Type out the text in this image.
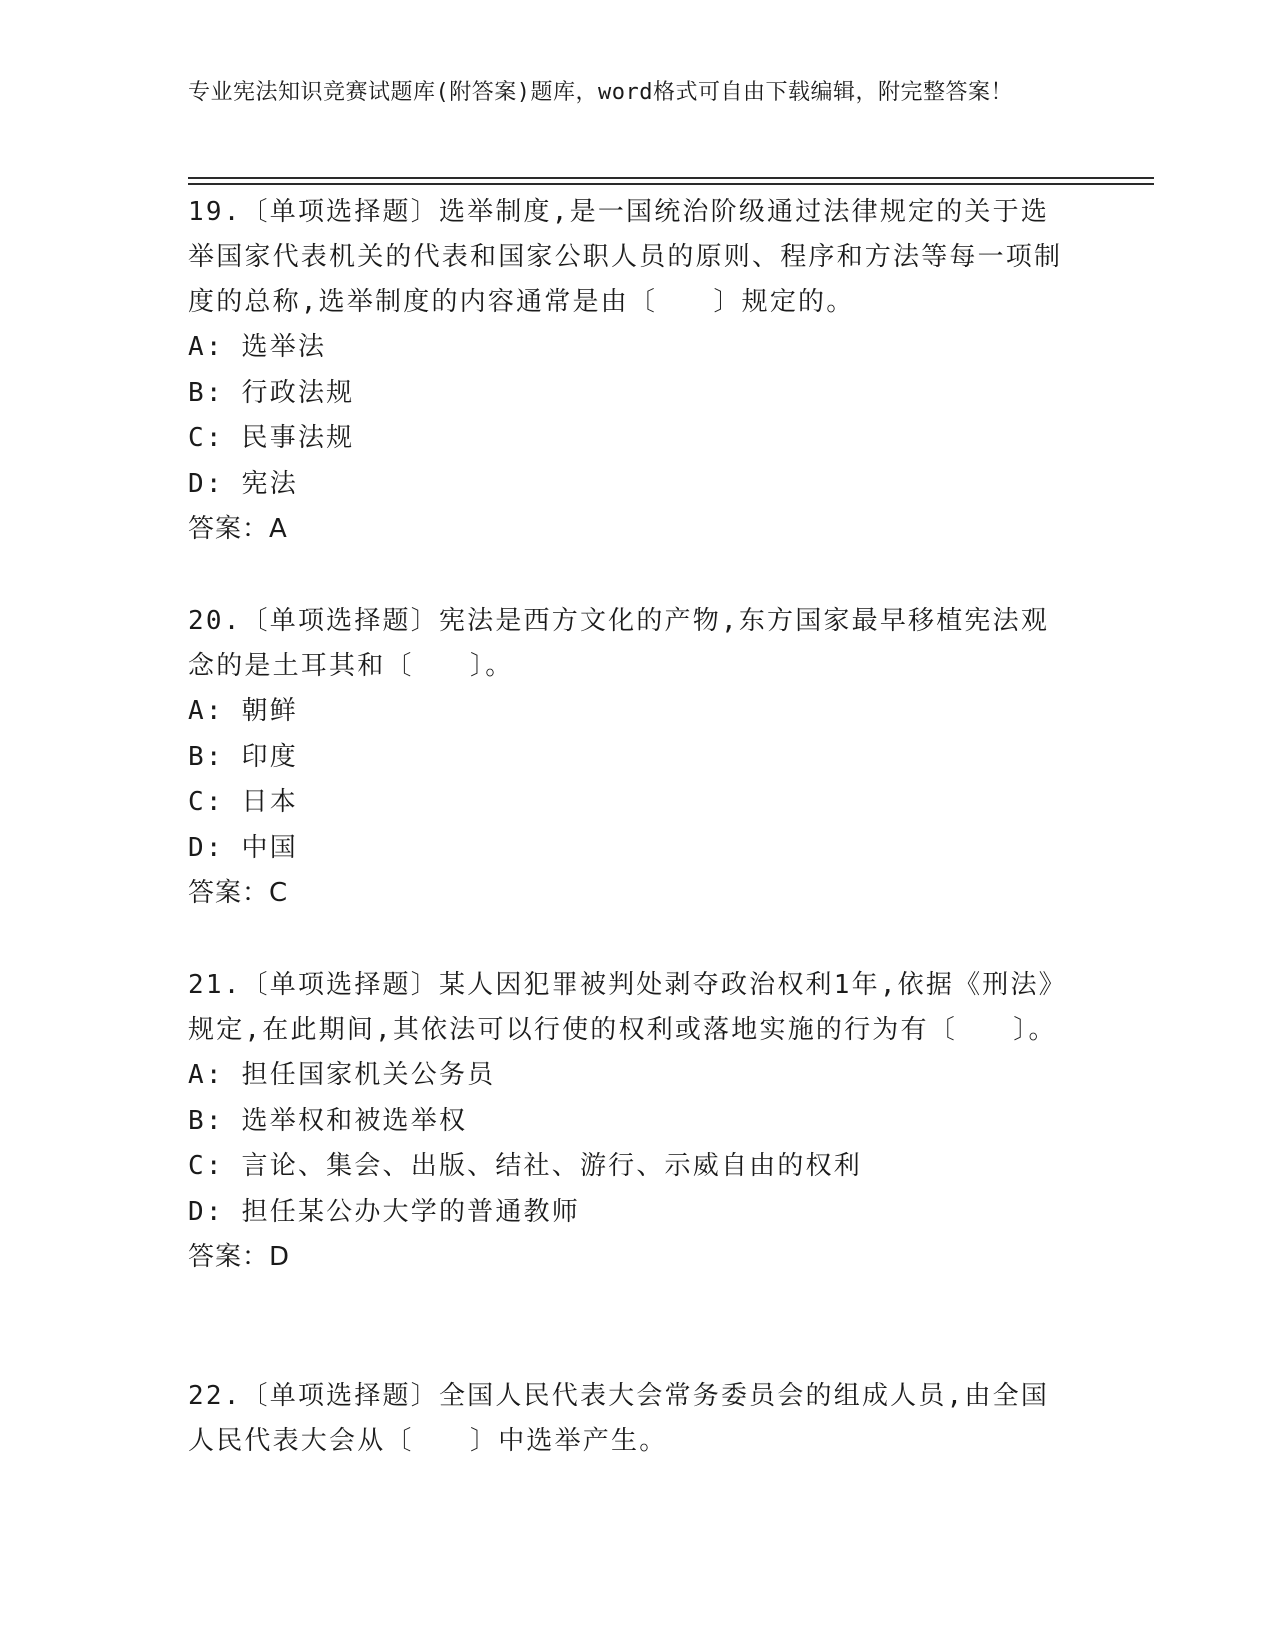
专业宪法知识竞赛试题库(附答案)题库，word格式可自由下载编辑，附完整答案！

19.〔单项选择题〕选举制度,是一国统治阶级通过法律规定的关于选举国家代表机关的代表和国家公职人员的原则、程序和方法等每一项制度的总称,选举制度的内容通常是由〔　　〕规定的。

A: 选举法
B: 行政法规
C: 民事法规
D: 宪法
答案：A

20.〔单项选择题〕宪法是西方文化的产物,东方国家最早移植宪法观念的是土耳其和〔　　〕。

A: 朝鲜
B: 印度
C: 日本
D: 中国
答案：C

21.〔单项选择题〕某人因犯罪被判处剥夺政治权利1年,依据《刑法》规定,在此期间,其依法可以行使的权利或落地实施的行为有〔　　〕。

A: 担任国家机关公务员
B: 选举权和被选举权
C: 言论、集会、出版、结社、游行、示威自由的权利
D: 担任某公办大学的普通教师
答案：D

22.〔单项选择题〕全国人民代表大会常务委员会的组成人员,由全国人民代表大会从〔　　〕中选举产生。
